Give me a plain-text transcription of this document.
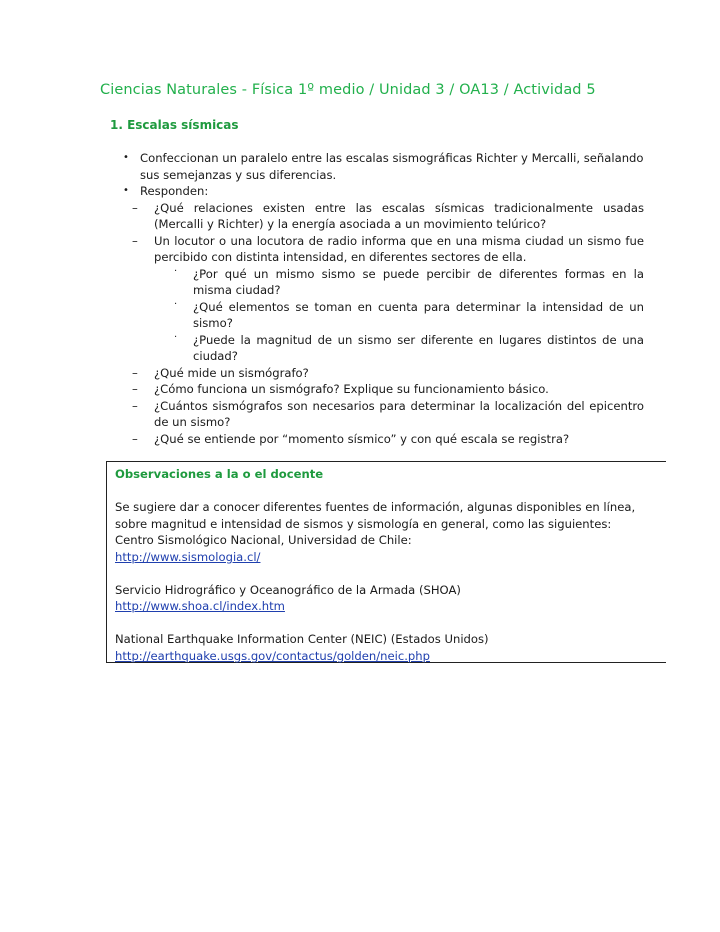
Ciencias Naturales - Física 1º medio / Unidad 3 / OA13 / Actividad 5
1. Escalas sísmicas
• Confeccionan un paralelo entre las escalas sismográficas Richter y Mercalli, señalando sus semejanzas y sus diferencias.
• Responden:
– ¿Qué relaciones existen entre las escalas sísmicas tradicionalmente usadas (Mercalli y Richter) y la energía asociada a un movimiento telúrico?
– Un locutor o una locutora de radio informa que en una misma ciudad un sismo fue percibido con distinta intensidad, en diferentes sectores de ella.
· ¿Por qué un mismo sismo se puede percibir de diferentes formas en la misma ciudad?
· ¿Qué elementos se toman en cuenta para determinar la intensidad de un sismo?
· ¿Puede la magnitud de un sismo ser diferente en lugares distintos de una ciudad?
– ¿Qué mide un sismógrafo?
– ¿Cómo funciona un sismógrafo? Explique su funcionamiento básico.
– ¿Cuántos sismógrafos son necesarios para determinar la localización del epicentro de un sismo?
– ¿Qué se entiende por “momento sísmico” y con qué escala se registra?
Observaciones a la o el docente
Se sugiere dar a conocer diferentes fuentes de información, algunas disponibles en línea, sobre magnitud e intensidad de sismos y sismología en general, como las siguientes:
Centro Sismológico Nacional, Universidad de Chile:
http://www.sismologia.cl/
Servicio Hidrográfico y Oceanográfico de la Armada (SHOA)
http://www.shoa.cl/index.htm
National Earthquake Information Center (NEIC) (Estados Unidos)
http://earthquake.usgs.gov/contactus/golden/neic.php
